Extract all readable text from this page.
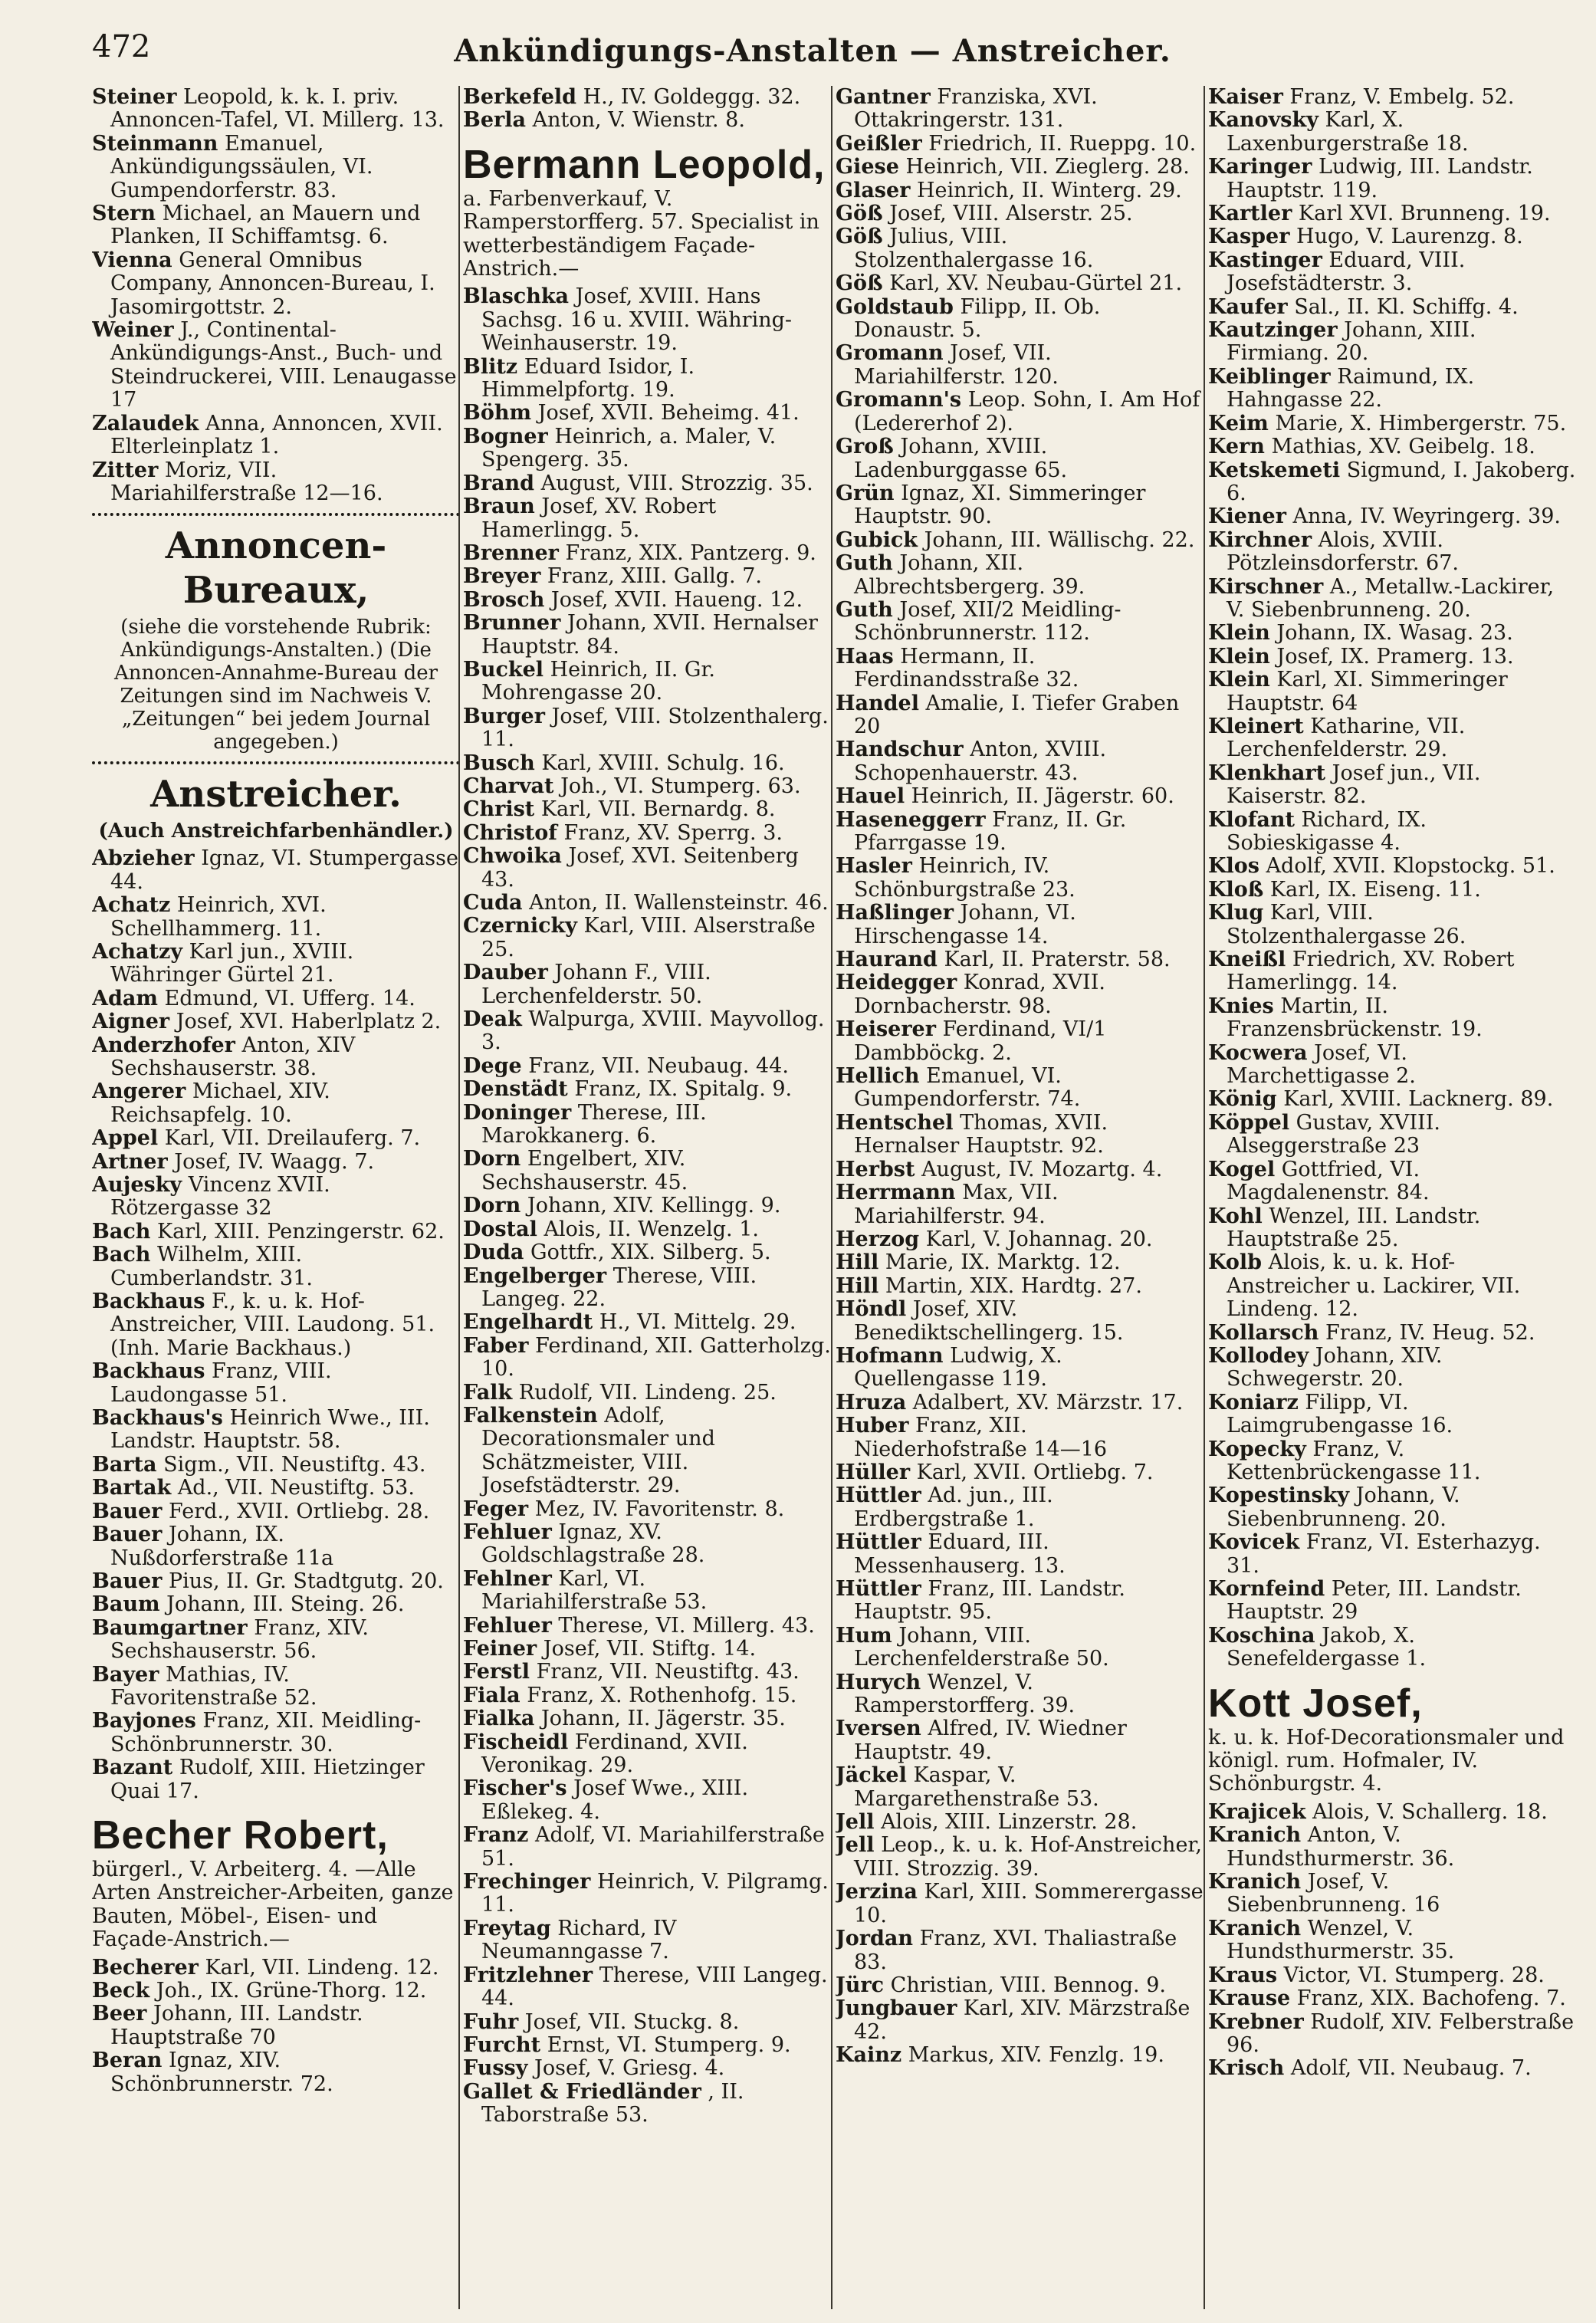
472	Ankündigungs-Anstalten — Anstreicher.

Steiner Leopold, k. k. I. priv. Annoncen-Tafel, VI. Millerg. 13.

Steinmann Emanuel, Ankündigungssäulen, VI. Gumpendorferstr. 83.

Stern Michael, an Mauern und Planken, II Schiffamtsg. 6.

Vienna General Omnibus Company, Annoncen-Bureau, I. Jasomirgottstr. 2.

Weiner J., Continental-Ankündigungs-Anst., Buch- und Steindruckerei, VIII. Lenaugasse 17

Zalaudek Anna, Annoncen, XVII. Elterleinplatz 1.

Zitter Moriz, VII. Mariahilferstraße 12—16.

Annoncen-Bureaux,
(siehe die vorstehende Rubrik: Ankündigungs-Anstalten.) (Die Annoncen-Annahme-Bureau der Zeitungen sind im Nachweis V. „Zeitungen“ bei jedem Journal angegeben.)
Anstreicher.
(Auch Anstreichfarbenhändler.)

Abzieher Ignaz, VI. Stumpergasse 44.

Achatz Heinrich, XVI. Schellhammerg. 11.

Achatzy Karl jun., XVIII. Währinger Gürtel 21.

Adam Edmund, VI. Ufferg. 14.

Aigner Josef, XVI. Haberlplatz 2.

Anderzhofer Anton, XIV Sechshauserstr. 38.

Angerer Michael, XIV. Reichsapfelg. 10.

Appel Karl, VII. Dreilauferg. 7.

Artner Josef, IV. Waagg. 7.

Aujesky Vincenz XVII. Rötzergasse 32

Bach Karl, XIII. Penzingerstr. 62.

Bach Wilhelm, XIII. Cumberlandstr. 31.

Backhaus F., k. u. k. Hof-Anstreicher, VIII. Laudong. 51. (Inh. Marie Backhaus.)

Backhaus Franz, VIII. Laudongasse 51.

Backhaus's Heinrich Wwe., III. Landstr. Hauptstr. 58.

Barta Sigm., VII. Neustiftg. 43.

Bartak Ad., VII. Neustiftg. 53.

Bauer Ferd., XVII. Ortliebg. 28.

Bauer Johann, IX. Nußdorferstraße 11a

Bauer Pius, II. Gr. Stadtgutg. 20.

Baum Johann, III. Steing. 26.

Baumgartner Franz, XIV. Sechshauserstr. 56.

Bayer Mathias, IV. Favoritenstraße 52.

Bayjones Franz, XII. Meidling-Schönbrunnerstr. 30.

Bazant Rudolf, XIII. Hietzinger Quai 17.

Becher Robert,
bürgerl., V. Arbeiterg. 4. —Alle Arten Anstreicher-Arbeiten, ganze Bauten, Möbel-, Eisen- und Façade-Anstrich.—

Becherer Karl, VII. Lindeng. 12.

Beck Joh., IX. Grüne-Thorg. 12.

Beer Johann, III. Landstr. Hauptstraße 70

Beran Ignaz, XIV. Schönbrunnerstr. 72.

Berkefeld H., IV. Goldeggg. 32.

Berla Anton, V. Wienstr. 8.

Bermann Leopold,
a. Farbenverkauf, V. Ramperstorfferg. 57. Specialist in wetterbeständigem Façade-Anstrich.—

Blaschka Josef, XVIII. Hans Sachsg. 16 u. XVIII. Währing-Weinhauserstr. 19.

Blitz Eduard Isidor, I. Himmelpfortg. 19.

Böhm Josef, XVII. Beheimg. 41.

Bogner Heinrich, a. Maler, V. Spengerg. 35.

Brand August, VIII. Strozzig. 35.

Braun Josef, XV. Robert Hamerlingg. 5.

Brenner Franz, XIX. Pantzerg. 9.

Breyer Franz, XIII. Gallg. 7.

Brosch Josef, XVII. Haueng. 12.

Brunner Johann, XVII. Hernalser Hauptstr. 84.

Buckel Heinrich, II. Gr. Mohrengasse 20.

Burger Josef, VIII. Stolzenthalerg. 11.

Busch Karl, XVIII. Schulg. 16.

Charvat Joh., VI. Stumperg. 63.

Christ Karl, VII. Bernardg. 8.

Christof Franz, XV. Sperrg. 3.

Chwoika Josef, XVI. Seitenberg 43.

Cuda Anton, II. Wallensteinstr. 46.

Czernicky Karl, VIII. Alserstraße 25.

Dauber Johann F., VIII. Lerchenfelderstr. 50.

Deak Walpurga, XVIII. Mayvollog. 3.

Dege Franz, VII. Neubaug. 44.

Denstädt Franz, IX. Spitalg. 9.

Doninger Therese, III. Marokkanerg. 6.

Dorn Engelbert, XIV. Sechshauserstr. 45.

Dorn Johann, XIV. Kellingg. 9.

Dostal Alois, II. Wenzelg. 1.

Duda Gottfr., XIX. Silberg. 5.

Engelberger Therese, VIII. Langeg. 22.

Engelhardt H., VI. Mittelg. 29.

Faber Ferdinand, XII. Gatterholzg. 10.

Falk Rudolf, VII. Lindeng. 25.

Falkenstein Adolf, Decorationsmaler und Schätzmeister, VIII. Josefstädterstr. 29.

Feger Mez, IV. Favoritenstr. 8.

Fehluer Ignaz, XV. Goldschlagstraße 28.

Fehlner Karl, VI. Mariahilferstraße 53.

Fehluer Therese, VI. Millerg. 43.

Feiner Josef, VII. Stiftg. 14.

Ferstl Franz, VII. Neustiftg. 43.

Fiala Franz, X. Rothenhofg. 15.

Fialka Johann, II. Jägerstr. 35.

Fischeidl Ferdinand, XVII. Veronikag. 29.

Fischer's Josef Wwe., XIII. Eßlekeg. 4.

Franz Adolf, VI. Mariahilferstraße 51.

Frechinger Heinrich, V. Pilgramg. 11.

Freytag Richard, IV Neumanngasse 7.

Fritzlehner Therese, VIII Langeg. 44.

Fuhr Josef, VII. Stuckg. 8.

Furcht Ernst, VI. Stumperg. 9.

Fussy Josef, V. Griesg. 4.

Gallet & Friedländer , II. Taborstraße 53.

Gantner Franziska, XVI. Ottakringerstr. 131.

Geißler Friedrich, II. Rueppg. 10.

Giese Heinrich, VII. Zieglerg. 28.

Glaser Heinrich, II. Winterg. 29.

Göß Josef, VIII. Alserstr. 25.

Göß Julius, VIII. Stolzenthalergasse 16.

Göß Karl, XV. Neubau-Gürtel 21.

Goldstaub Filipp, II. Ob. Donaustr. 5.

Gromann Josef, VII. Mariahilferstr. 120.

Gromann's Leop. Sohn, I. Am Hof (Ledererhof 2).

Groß Johann, XVIII. Ladenburggasse 65.

Grün Ignaz, XI. Simmeringer Hauptstr. 90.

Gubick Johann, III. Wällischg. 22.

Guth Johann, XII. Albrechtsbergerg. 39.

Guth Josef, XII/2 Meidling-Schönbrunnerstr. 112.

Haas Hermann, II. Ferdinandsstraße 32.

Handel Amalie, I. Tiefer Graben 20

Handschur Anton, XVIII. Schopenhauerstr. 43.

Hauel Heinrich, II. Jägerstr. 60.

Haseneggerr Franz, II. Gr. Pfarrgasse 19.

Hasler Heinrich, IV. Schönburgstraße 23.

Haßlinger Johann, VI. Hirschengasse 14.

Haurand Karl, II. Praterstr. 58.

Heidegger Konrad, XVII. Dornbacherstr. 98.

Heiserer Ferdinand, VI/1 Dambböckg. 2.

Hellich Emanuel, VI. Gumpendorferstr. 74.

Hentschel Thomas, XVII. Hernalser Hauptstr. 92.

Herbst August, IV. Mozartg. 4.

Herrmann Max, VII. Mariahilferstr. 94.

Herzog Karl, V. Johannag. 20.

Hill Marie, IX. Marktg. 12.

Hill Martin, XIX. Hardtg. 27.

Höndl Josef, XIV. Benediktschellingerg. 15.

Hofmann Ludwig, X. Quellengasse 119.

Hruza Adalbert, XV. Märzstr. 17.

Huber Franz, XII. Niederhofstraße 14—16

Hüller Karl, XVII. Ortliebg. 7.

Hüttler Ad. jun., III. Erdbergstraße 1.

Hüttler Eduard, III. Messenhauserg. 13.

Hüttler Franz, III. Landstr. Hauptstr. 95.

Hum Johann, VIII. Lerchenfelderstraße 50.

Hurych Wenzel, V. Ramperstorfferg. 39.

Iversen Alfred, IV. Wiedner Hauptstr. 49.

Jäckel Kaspar, V. Margarethenstraße 53.

Jell Alois, XIII. Linzerstr. 28.

Jell Leop., k. u. k. Hof-Anstreicher, VIII. Strozzig. 39.

Jerzina Karl, XIII. Sommerergasse 10.

Jordan Franz, XVI. Thaliastraße 83.

Jürc Christian, VIII. Bennog. 9.

Jungbauer Karl, XIV. Märzstraße 42.

Kainz Markus, XIV. Fenzlg. 19.

Kaiser Franz, V. Embelg. 52.

Kanovsky Karl, X. Laxenburgerstraße 18.

Karinger Ludwig, III. Landstr. Hauptstr. 119.

Kartler Karl XVI. Brunneng. 19.

Kasper Hugo, V. Laurenzg. 8.

Kastinger Eduard, VIII. Josefstädterstr. 3.

Kaufer Sal., II. Kl. Schiffg. 4.

Kautzinger Johann, XIII. Firmiang. 20.

Keiblinger Raimund, IX. Hahngasse 22.

Keim Marie, X. Himbergerstr. 75.

Kern Mathias, XV. Geibelg. 18.

Ketskemeti Sigmund, I. Jakoberg. 6.

Kiener Anna, IV. Weyringerg. 39.

Kirchner Alois, XVIII. Pötzleinsdorferstr. 67.

Kirschner A., Metallw.-Lackirer, V. Siebenbrunneng. 20.

Klein Johann, IX. Wasag. 23.

Klein Josef, IX. Pramerg. 13.

Klein Karl, XI. Simmeringer Hauptstr. 64

Kleinert Katharine, VII. Lerchenfelderstr. 29.

Klenkhart Josef jun., VII. Kaiserstr. 82.

Klofant Richard, IX. Sobieskigasse 4.

Klos Adolf, XVII. Klopstockg. 51.

Kloß Karl, IX. Eiseng. 11.

Klug Karl, VIII. Stolzenthalergasse 26.

Kneißl Friedrich, XV. Robert Hamerlingg. 14.

Knies Martin, II. Franzensbrückenstr. 19.

Kocwera Josef, VI. Marchettigasse 2.

König Karl, XVIII. Lacknerg. 89.

Köppel Gustav, XVIII. Alseggerstraße 23

Kogel Gottfried, VI. Magdalenenstr. 84.

Kohl Wenzel, III. Landstr. Hauptstraße 25.

Kolb Alois, k. u. k. Hof-Anstreicher u. Lackirer, VII. Lindeng. 12.

Kollarsch Franz, IV. Heug. 52.

Kollodey Johann, XIV. Schwegerstr. 20.

Koniarz Filipp, VI. Laimgrubengasse 16.

Kopecky Franz, V. Kettenbrückengasse 11.

Kopestinsky Johann, V. Siebenbrunneng. 20.

Kovicek Franz, VI. Esterhazyg. 31.

Kornfeind Peter, III. Landstr. Hauptstr. 29

Koschina Jakob, X. Senefeldergasse 1.

Kott Josef,
k. u. k. Hof-Decorationsmaler und königl. rum. Hofmaler, IV. Schönburgstr. 4.

Krajicek Alois, V. Schallerg. 18.

Kranich Anton, V. Hundsthurmerstr. 36.

Kranich Josef, V. Siebenbrunneng. 16

Kranich Wenzel, V. Hundsthurmerstr. 35.

Kraus Victor, VI. Stumperg. 28.

Krause Franz, XIX. Bachofeng. 7.

Krebner Rudolf, XIV. Felberstraße 96.

Krisch Adolf, VII. Neubaug. 7.
